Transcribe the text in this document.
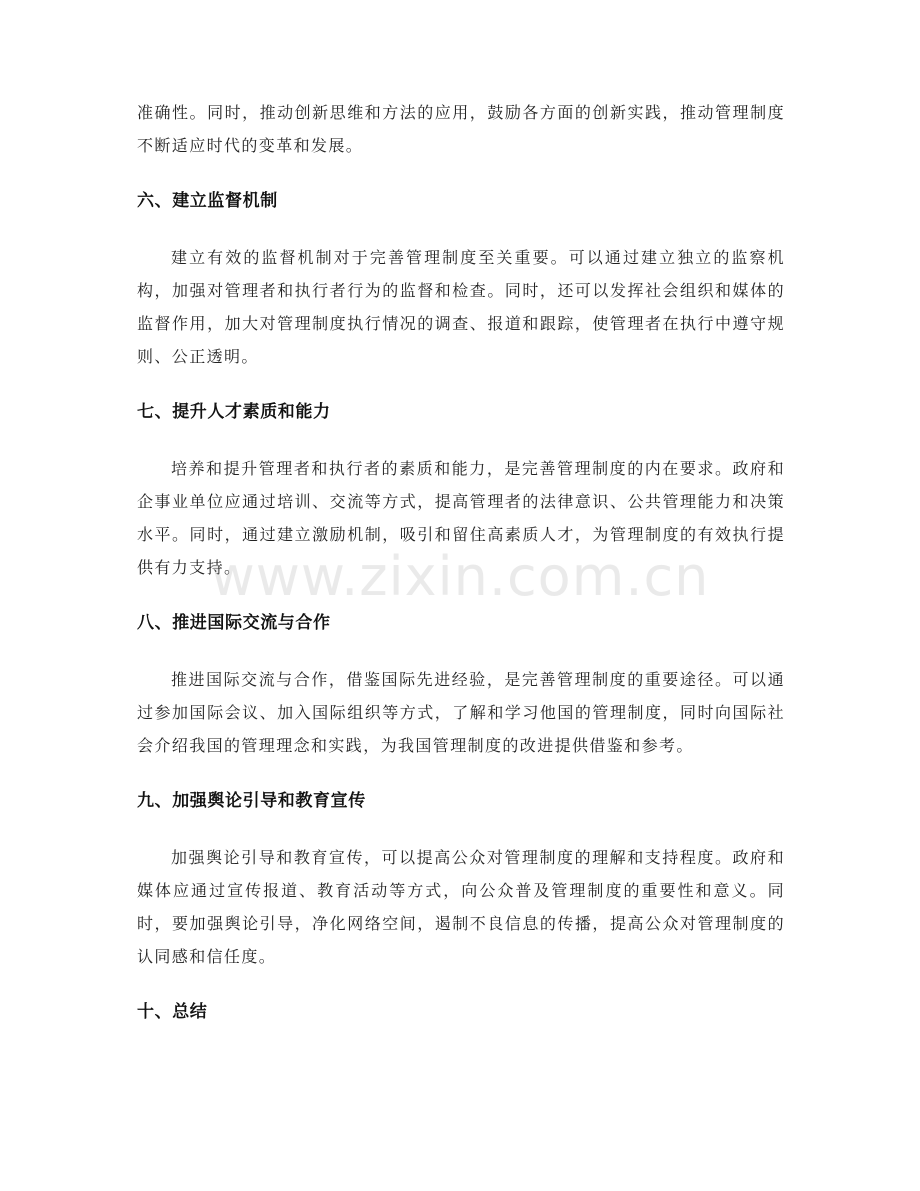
准确性。同时，推动创新思维和方法的应用，鼓励各方面的创新实践，推动管理制度不断适应时代的变革和发展。

六、建立监督机制

建立有效的监督机制对于完善管理制度至关重要。可以通过建立独立的监察机构，加强对管理者和执行者行为的监督和检查。同时，还可以发挥社会组织和媒体的监督作用，加大对管理制度执行情况的调查、报道和跟踪，使管理者在执行中遵守规则、公正透明。

七、提升人才素质和能力

培养和提升管理者和执行者的素质和能力，是完善管理制度的内在要求。政府和企事业单位应通过培训、交流等方式，提高管理者的法律意识、公共管理能力和决策水平。同时，通过建立激励机制，吸引和留住高素质人才，为管理制度的有效执行提供有力支持。

八、推进国际交流与合作

推进国际交流与合作，借鉴国际先进经验，是完善管理制度的重要途径。可以通过参加国际会议、加入国际组织等方式，了解和学习他国的管理制度，同时向国际社会介绍我国的管理理念和实践，为我国管理制度的改进提供借鉴和参考。

九、加强舆论引导和教育宣传

加强舆论引导和教育宣传，可以提高公众对管理制度的理解和支持程度。政府和媒体应通过宣传报道、教育活动等方式，向公众普及管理制度的重要性和意义。同时，要加强舆论引导，净化网络空间，遏制不良信息的传播，提高公众对管理制度的认同感和信任度。

十、总结
www.zixin.com.cn
